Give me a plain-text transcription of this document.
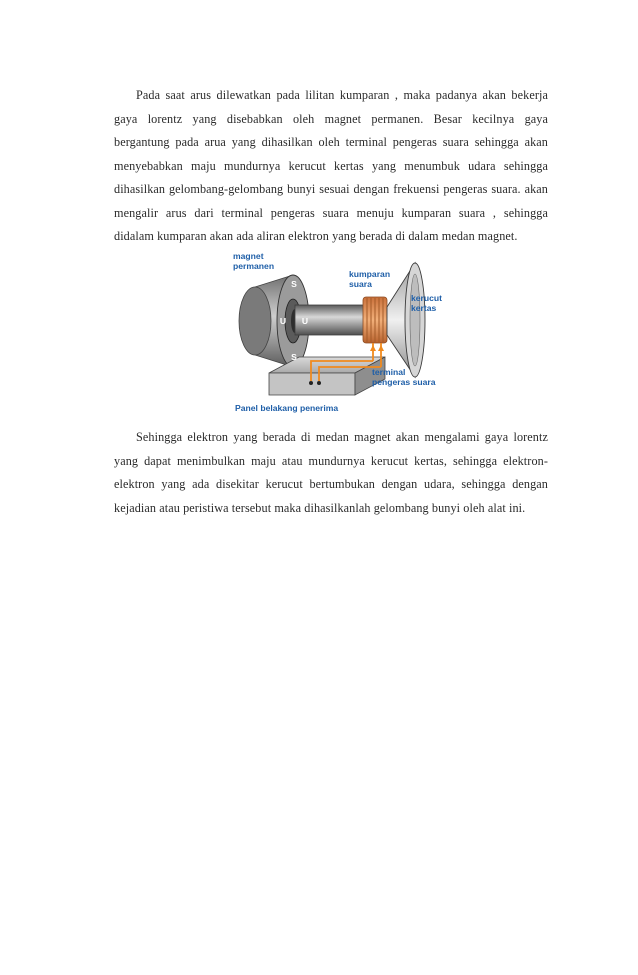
Pada saat arus dilewatkan pada lilitan kumparan , maka padanya akan bekerja
gaya lorentz yang disebabkan oleh magnet permanen. Besar kecilnya gaya
bergantung pada arua yang dihasilkan oleh terminal pengeras suara sehingga akan
menyebabkan maju mundurnya kerucut kertas yang menumbuk udara sehingga
dihasilkan gelombang-gelombang bunyi sesuai dengan frekuensi pengeras suara. akan
mengalir arus dari terminal pengeras suara menuju kumparan suara , sehingga
didalam kumparan akan ada aliran elektron yang berada di dalam medan magnet.
S
S
U U
magnet
permanen
kumparan
suara
kerucut
kertas
terminal
pengeras suara
Panel belakang penerima
Sehingga elektron yang berada di medan magnet akan mengalami gaya lorentz
yang dapat menimbulkan maju atau mundurnya kerucut kertas, sehingga elektron-
elektron yang ada disekitar kerucut bertumbukan dengan udara, sehingga dengan
kejadian atau peristiwa tersebut maka dihasilkanlah gelombang bunyi oleh alat ini.
